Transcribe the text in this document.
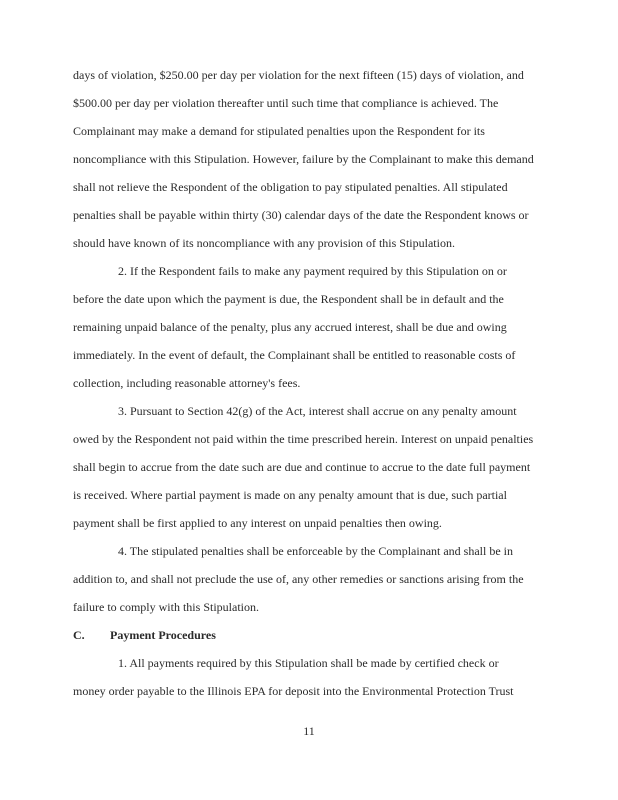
days of violation, $250.00 per day per violation for the next fifteen (15) days of violation, and
$500.00 per day per violation thereafter until such time that compliance is achieved. The
Complainant may make a demand for stipulated penalties upon the Respondent for its
noncompliance with this Stipulation. However, failure by the Complainant to make this demand
shall not relieve the Respondent of the obligation to pay stipulated penalties. All stipulated
penalties shall be payable within thirty (30) calendar days of the date the Respondent knows or
should have known of its noncompliance with any provision of this Stipulation.
2. If the Respondent fails to make any payment required by this Stipulation on or
before the date upon which the payment is due, the Respondent shall be in default and the
remaining unpaid balance of the penalty, plus any accrued interest, shall be due and owing
immediately. In the event of default, the Complainant shall be entitled to reasonable costs of
collection, including reasonable attorney's fees.
3. Pursuant to Section 42(g) of the Act, interest shall accrue on any penalty amount
owed by the Respondent not paid within the time prescribed herein. Interest on unpaid penalties
shall begin to accrue from the date such are due and continue to accrue to the date full payment
is received. Where partial payment is made on any penalty amount that is due, such partial
payment shall be first applied to any interest on unpaid penalties then owing.
4. The stipulated penalties shall be enforceable by the Complainant and shall be in
addition to, and shall not preclude the use of, any other remedies or sanctions arising from the
failure to comply with this Stipulation.
C. Payment Procedures
1. All payments required by this Stipulation shall be made by certified check or
money order payable to the Illinois EPA for deposit into the Environmental Protection Trust
11
